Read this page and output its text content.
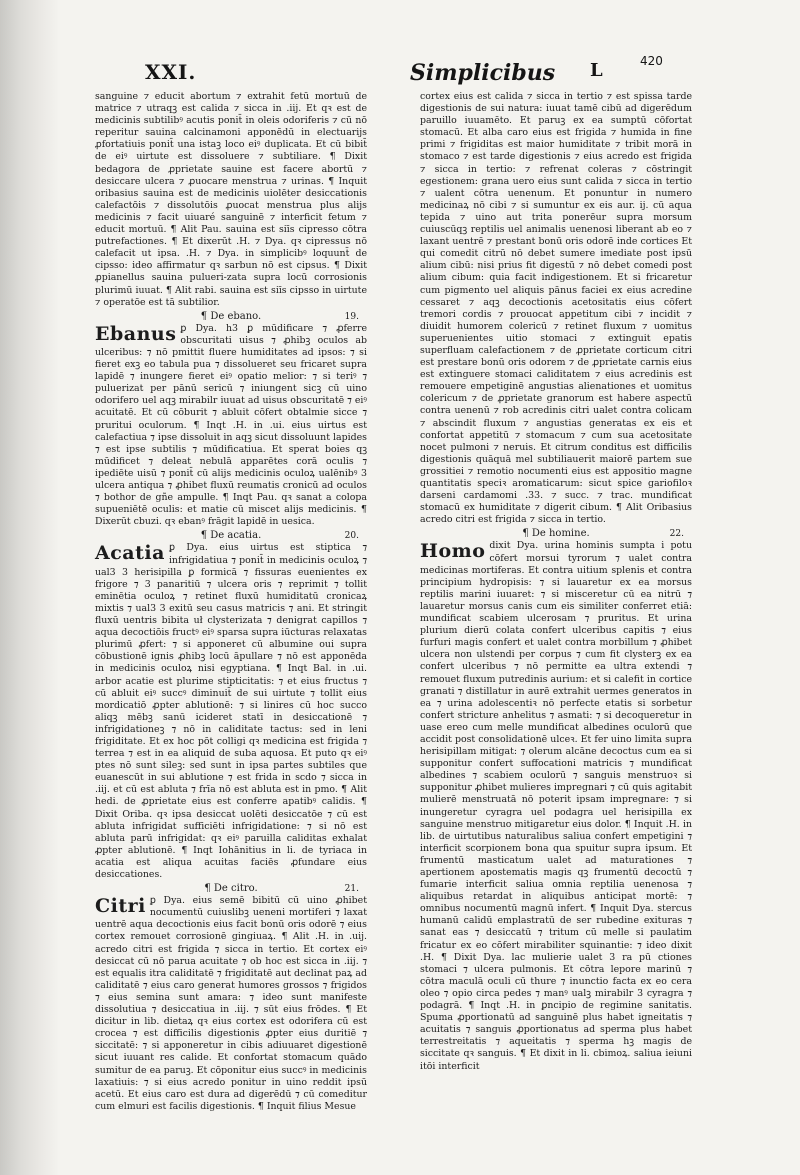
XXI.	Simplicibus L	420

sanguine ⁊ educit abortum ⁊ extrahit fetū mortuū de matrice ⁊ utraqꝫ est calida ⁊ sicca in .iij. Et qꝛ est de medicinis subtilibꝰ acutis ponit̄ in oleis odoriferis ⁊ cū nō reperitur sauina calcinamoni apponēdū in electuarijs ꝓfortatiuis ponit̄ una istaꝫ loco eiꝰ duplicata. Et cū bibit̄ de eiꝰ uirtute est dissoluere ⁊ subtiliare. ¶ Dixit bedagora de ꝓprietate sauine est facere abortū ⁊ desiccare ulcera ⁊ ꝓuocare menstrua ⁊ urinas. ¶ Inquit oribasius sauina est de medicinis uiolēter desiccationis calefactōis ⁊ dissolutōis ꝓuocat menstrua plus alijs medicinis ⁊ facit uiuaré sanguinē ⁊ interficit fetum ⁊ educit mortuū. ¶ Alit Pau. sauina est siīs cipresso cōtra putrefactiones. ¶ Et dixerūt .H. ⁊ Dya. qꝛ cipressus nō calefacit ut ipsa. .H. ⁊ Dya. in simplicibꝰ loquunt̄ de cipsso: ideo affirmatur qꝛ sarbun nō est cipsus. ¶ Dixit ꝓpianellus sauina pulueri-zata supra locū corrosionis plurimū iuuat. ¶ Alit rabi. sauina est siīs cipsso in uirtute ⁊ operatōe est tā subtilior.

¶ De ebano.	19.

Ebanus ꝑ Dya. h3 ꝑ mūdificare ⁊ ꝓferre obscuritati uisus ⁊ ꝓhibꝫ oculos ab ulceribus: ⁊ nō pmittit fluere humiditates ad ipsos: ⁊ si fieret exꝫ eo tabula pua ⁊ dissolueret seu fricaret supra lapidē ⁊ inungere fieret eiꝰ opatio melior: ⁊ si teriꝰ ⁊ puluerizat per pānū sericū ⁊ iniungent sicꝫ cū uino odorifero uel aqꝫ mirabilr iuuat ad uisus obscuritatē ⁊ eiꝰ acuitatē. Et cū cōburit ⁊ abluit cōfert obtalmie sicce ⁊ pruritui oculorum. ¶ Inqt .H. in .ui. eius uirtus est calefactiua ⁊ ipse dissoluit in aqꝫ sicut dissoluunt lapides ⁊ est ipse subtilis ⁊ mūdificatiua. Et sperat boies qꝫ mūdificet ⁊ deleat nebulā apparētes corā oculis ⁊ ipediēte uisū ⁊ ponit̄ cū alijs medicinis oculoꝝ ualēnibꝰ 3 ulcera antiqua ⁊ ꝓhibet fluxū reumatis cronicū ad oculos ⁊ bothor de gñe ampulle. ¶ Inqt Pau. qꝛ sanat a colopa supueniētē oculis: et matie cū miscet alijs medicinis. ¶ Dixerūt cbuzi. qꝛ ebanꝰ frāgit lapidē in uesica.

¶ De acatia.	20.

Acatia ꝑ Dya. eius uirtus est stiptica ⁊ infrigidatiua ⁊ ponit̄ in medicinis oculoꝝ ⁊ ual3 3 herisipilla ꝑ formicā ⁊ fissuras euenientes ex frigore ⁊ 3 panaritiū ⁊ ulcera oris ⁊ reprimit ⁊ tollit eminētia oculoꝝ ⁊ retinet fluxū humiditatū cronicaꝝ mixtis ⁊ ual3 3 exitū seu casus matricis ⁊ ani. Et stringit fluxū uentris bibita uł clysterizata ⁊ denigrat capillos ⁊ aqua decoctiōis fructꝰ eiꝰ sparsa supra iūcturas relaxatas plurimū ꝓfert: ⁊ si apponeret cū albumine oui supra cōbustionē ignis ꝓhibꝫ locū āpullare ⁊ nō est apponēda in medicinis oculoꝝ nisi egyptiana. ¶ Inqt Bal. in .ui. arbor acatie est plurime stipticitatis: ⁊ et eius fructus ⁊ cū abluit eiꝰ succꝰ diminuit̄ de sui uirtute ⁊ tollit eius mordicatiō ꝓpter ablutionē: ⁊ si linires cū hoc succo aliqꝫ mēbꝫ sanū icideret statī in desiccationē ⁊ infrigidationeꝫ ⁊ nō in caliditate tactus: sed in leni frigiditate. Et ex hoc pōt colligi qꝛ medicina est frigida ⁊ terrea ⁊ est in ea aliquid de suba aquosa. Et puto qꝛ eiꝰ ptes nō sunt sileꝫ: sed sunt in ipsa partes subtiles que euanescūt in sui ablutione ⁊ est frida in scdo ⁊ sicca in .iij. et cū est abluta ⁊ frīa nō est abluta est in pmo. ¶ Alit hedi. de ꝓprietate eius est conferre apatibꝰ calidis. ¶ Dixit Oriba. qꝛ ipsa desiccat uolēti desiccatōe ⁊ cū est abluta infrigidat sufficiēti infrigidatione: ⁊ si nō est abluta parū infrigidat: qꝛ eiꝰ paruilla caliditas exhalat ꝓpter ablutionē. ¶ Inqt Iohānitius in li. de tyriaca in acatia est aliqua acuitas faciēs ꝓfundare eius desiccationes.

¶ De citro.	21.

Citri ꝑ Dya. eius semē bibitū cū uino ꝓhibet nocumentū cuiuslibꝫ ueneni mortiferi ⁊ laxat uentrē aqua decoctionis eius facit bonū oris odorē ⁊ eius cortex remouet corrosionē gingiuaꝝ. ¶ Alit .H. in .uij. acredo citri est frigida ⁊ sicca in tertio. Et cortex eiꝰ desiccat cū nō parua acuitate ⁊ ob hoc est sicca in .iij. ⁊ est equalis itra caliditatē ⁊ frigiditatē aut declinat paꝝ ad caliditatē ⁊ eius caro generat humores grossos ⁊ frigidos ⁊ eius semina sunt amara: ⁊ ideo sunt manifeste dissolutiua ⁊ desiccatiua in .iij. ⁊ sūt eius frōdes. ¶ Et dicitur in lib. dietaꝝ qꝛ eius cortex est odorifera cū est crocea ⁊ est difficilis digestionis ꝓpter eius duritiē ⁊ siccitatē: ⁊ si apponeretur in cibis adiuuaret digestionē sicut iuuant res calide. Et confortat stomacum quādo sumitur de ea paruꝫ. Et cōponitur eius succꝰ in medicinis laxatiuis: ⁊ si eius acredo ponitur in uino reddit ipsū acetū. Et eius caro est dura ad digerēdū ⁊ cū comeditur cum elmuri est facilis digestionis. ¶ Inquit filius Mesue

cortex eius est calida ⁊ sicca in tertio ⁊ est spissa tarde digestionis de sui natura: iuuat tamē cibū ad digerēdum paruillo iuuamēto. Et paruꝫ ex ea sumptū cōfortat stomacū. Et alba caro eius est frigida ⁊ humida in fine primi ⁊ frigiditas est maior humiditate ⁊ tribit morā in stomaco ⁊ est tarde digestionis ⁊ eius acredo est frigida ⁊ sicca in tertio: ⁊ refrenat coleras ⁊ cōstringit egestionem: grana uero eius sunt calida ⁊ sicca in tertio ⁊ ualent cōtra uenenum. Et ponuntur in numero medicinaꝝ nō cibi ⁊ si sumuntur ex eis aur. ij. cū aqua tepida ⁊ uino aut trita ponerēur supra morsum cuiuscūqꝫ reptilis uel animalis uenenosi liberant ab eo ⁊ laxant uentrē ⁊ prestant bonū oris odorē inde cortices Et qui comedit citrū nō debet sumere imediate post ipsū alium cibū: nisi prius fit digestū ⁊ nō debet comedi post alium cibum: quia facit indigestionem. Et si fricaretur cum pigmento uel aliquis pānus faciei ex eius acredine cessaret ⁊ aqꝫ decoctionis acetositatis eius cōfert tremori cordis ⁊ prouocat appetitum cibi ⁊ incidit ⁊ diuidit humorem colericū ⁊ retinet fluxum ⁊ uomitus superuenientes uitio stomaci ⁊ extinguit epatis superfluam calefactionem ⁊ de ꝓprietate corticum citri est prestare bonū oris odorem ⁊ de ꝓprietate carnis eius est extinguere stomaci caliditatem ⁊ eius acredinis est remouere empetiginē angustias alienationes et uomitus colericum ⁊ de ꝓprietate granorum est habere aspectū contra uenenū ⁊ rob acredinis citri ualet contra colicam ⁊ abscindit fluxum ⁊ angustias generatas ex eis et confortat appetitū ⁊ stomacum ⁊ cum sua acetositate nocet pulmoni ⁊ neruis. Et citrum conditus est difficilis digestionis quāquā mel subtiliauerit maiorē partem sue grossitiei ⁊ remotio nocumenti eius est appositio magne quantitatis speciꝛ aromaticarum: sicut spice gariofiloꝛ darseni cardamomi .33. ⁊ succ. ⁊ trac. mundificat stomacū ex humiditate ⁊ digerit cibum. ¶ Alit Oribasius acredo citri est frigida ⁊ sicca in tertio.

¶ De homine.	22.

Homo dixit Dya. urina hominis sumpta i potu cōfert morsui tyrorum ⁊ ualet contra medicinas mortiferas. Et contra uitium splenis et contra principium hydropisis: ⁊ si lauaretur ex ea morsus reptilis marini iuuaret: ⁊ si misceretur cū ea nitrū ⁊ lauaretur morsus canis cum eis similiter conferret etiā: mundificat scabiem ulcerosam ⁊ pruritus. Et urina plurium dierū colata confert ulceribus capitis ⁊ eius furfuri magis confert et ualet contra morbillum ⁊ ꝓhibet ulcera non ulstendi per corpus ⁊ cum fit clysterꝫ ex ea confert ulceribus ⁊ nō permitte ea ultra extendi ⁊ remouet fluxum putredinis aurium: et si calefit in cortice granati ⁊ distillatur in aurē extrahit uermes generatos in ea ⁊ urina adolescentiꝛ nō perfecte etatis si sorbetur confert stricture anhelitus ⁊ asmati: ⁊ si decoqueretur in uase ereo cum melle mundificat albedines oculorū que accidit post consolidationē ulceꝛ. Et fer uino limita supra herisipillam mitigat: ⁊ olerum alcāne decoctus cum ea si supponitur confert suffocationi matricis ⁊ mundificat albedines ⁊ scabiem oculorū ⁊ sanguis menstruoꝛ si supponitur ꝓhibet mulieres impregnari ⁊ cū quis agitabit mulierē menstruatā nō poterit ipsam impregnare: ⁊ si inungeretur cyragra uel podagra uel herisipilla ex sanguine menstruo mitigaretur eius dolor. ¶ Inquit .H. in lib. de uirtutibus naturalibus saliua confert empetigini ⁊ interficit scorpionem bona qua spuitur supra ipsum. Et frumentū masticatum ualet ad maturationes ⁊ apertionem apostematis magis qꝫ frumentū decoctū ⁊ fumarie interficit saliua omnia reptilia uenenosa ⁊ aliquibus retardat in aliquibus anticipat mortē: ⁊ omnibus nocumentū magnū infert. ¶ Inquit Dya. stercus humanū calidū emplastratū de ser rubedine exituras ⁊ sanat eas ⁊ desiccatū ⁊ tritum cū melle si paulatim fricatur ex eo cōfert mirabiliter squinantie: ⁊ ideo dixit .H. ¶ Dixit Dya. lac mulierie ualet 3 ra pū ctiones stomaci ⁊ ulcera pulmonis. Et cōtra lepore marinū ⁊ cōtra maculā oculi cū thure ⁊ inunctio facta ex eo cera oleo ⁊ opio circa pedes ⁊ manꝰ ualꝫ mirabilr 3 cyragra ⁊ podagrā. ¶ Inqt .H. in ꝑncipio de regimine sanitatis. Spuma ꝓportionatū ad sanguinē plus habet igneitatis ⁊ acuitatis ⁊ sanguis ꝓportionatus ad sperma plus habet terrestreitatis ⁊ aqueitatis ⁊ sperma hꝫ magis de siccitate qꝛ sanguis. ¶ Et dixit in li. cbimoꝝ. saliua ieiuni itōi interficit
